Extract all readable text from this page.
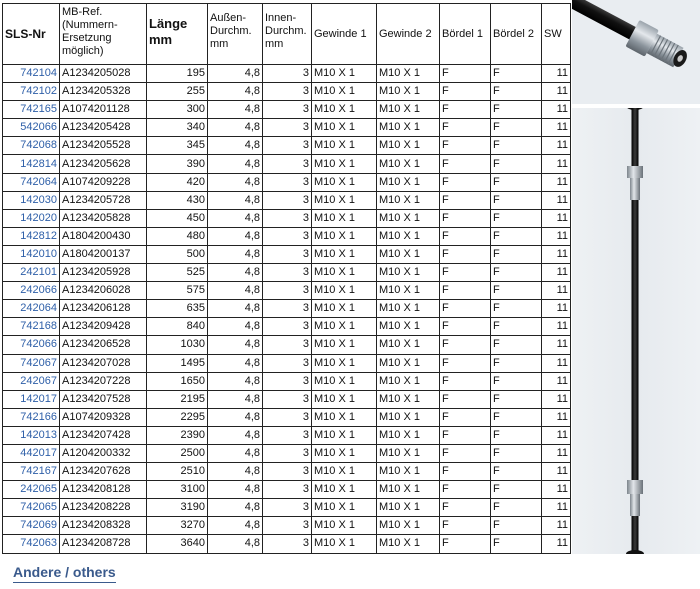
SLS-Nr	MB-Ref. (Nummern-Ersetzung möglich)	Länge mm	Außen-Durchm. mm	Innen-Durchm. mm	Gewinde 1	Gewinde 2	Bördel 1	Bördel 2	SW
742104	A1234205028	195	4,8	3	M10 X 1	M10 X 1	F	F	11
742102	A1234205328	255	4,8	3	M10 X 1	M10 X 1	F	F	11
742165	A1074201128	300	4,8	3	M10 X 1	M10 X 1	F	F	11
542066	A1234205428	340	4,8	3	M10 X 1	M10 X 1	F	F	11
742068	A1234205528	345	4,8	3	M10 X 1	M10 X 1	F	F	11
142814	A1234205628	390	4,8	3	M10 X 1	M10 X 1	F	F	11
742064	A1074209228	420	4,8	3	M10 X 1	M10 X 1	F	F	11
142030	A1234205728	430	4,8	3	M10 X 1	M10 X 1	F	F	11
142020	A1234205828	450	4,8	3	M10 X 1	M10 X 1	F	F	11
142812	A1804200430	480	4,8	3	M10 X 1	M10 X 1	F	F	11
142010	A1804200137	500	4,8	3	M10 X 1	M10 X 1	F	F	11
242101	A1234205928	525	4,8	3	M10 X 1	M10 X 1	F	F	11
242066	A1234206028	575	4,8	3	M10 X 1	M10 X 1	F	F	11
242064	A1234206128	635	4,8	3	M10 X 1	M10 X 1	F	F	11
742168	A1234209428	840	4,8	3	M10 X 1	M10 X 1	F	F	11
742066	A1234206528	1030	4,8	3	M10 X 1	M10 X 1	F	F	11
742067	A1234207028	1495	4,8	3	M10 X 1	M10 X 1	F	F	11
242067	A1234207228	1650	4,8	3	M10 X 1	M10 X 1	F	F	11
142017	A1234207528	2195	4,8	3	M10 X 1	M10 X 1	F	F	11
742166	A1074209328	2295	4,8	3	M10 X 1	M10 X 1	F	F	11
142013	A1234207428	2390	4,8	3	M10 X 1	M10 X 1	F	F	11
442017	A1204200332	2500	4,8	3	M10 X 1	M10 X 1	F	F	11
742167	A1234207628	2510	4,8	3	M10 X 1	M10 X 1	F	F	11
242065	A1234208128	3100	4,8	3	M10 X 1	M10 X 1	F	F	11
742065	A1234208228	3190	4,8	3	M10 X 1	M10 X 1	F	F	11
742069	A1234208328	3270	4,8	3	M10 X 1	M10 X 1	F	F	11
742063	A1234208728	3640	4,8	3	M10 X 1	M10 X 1	F	F	11
Andere / others
